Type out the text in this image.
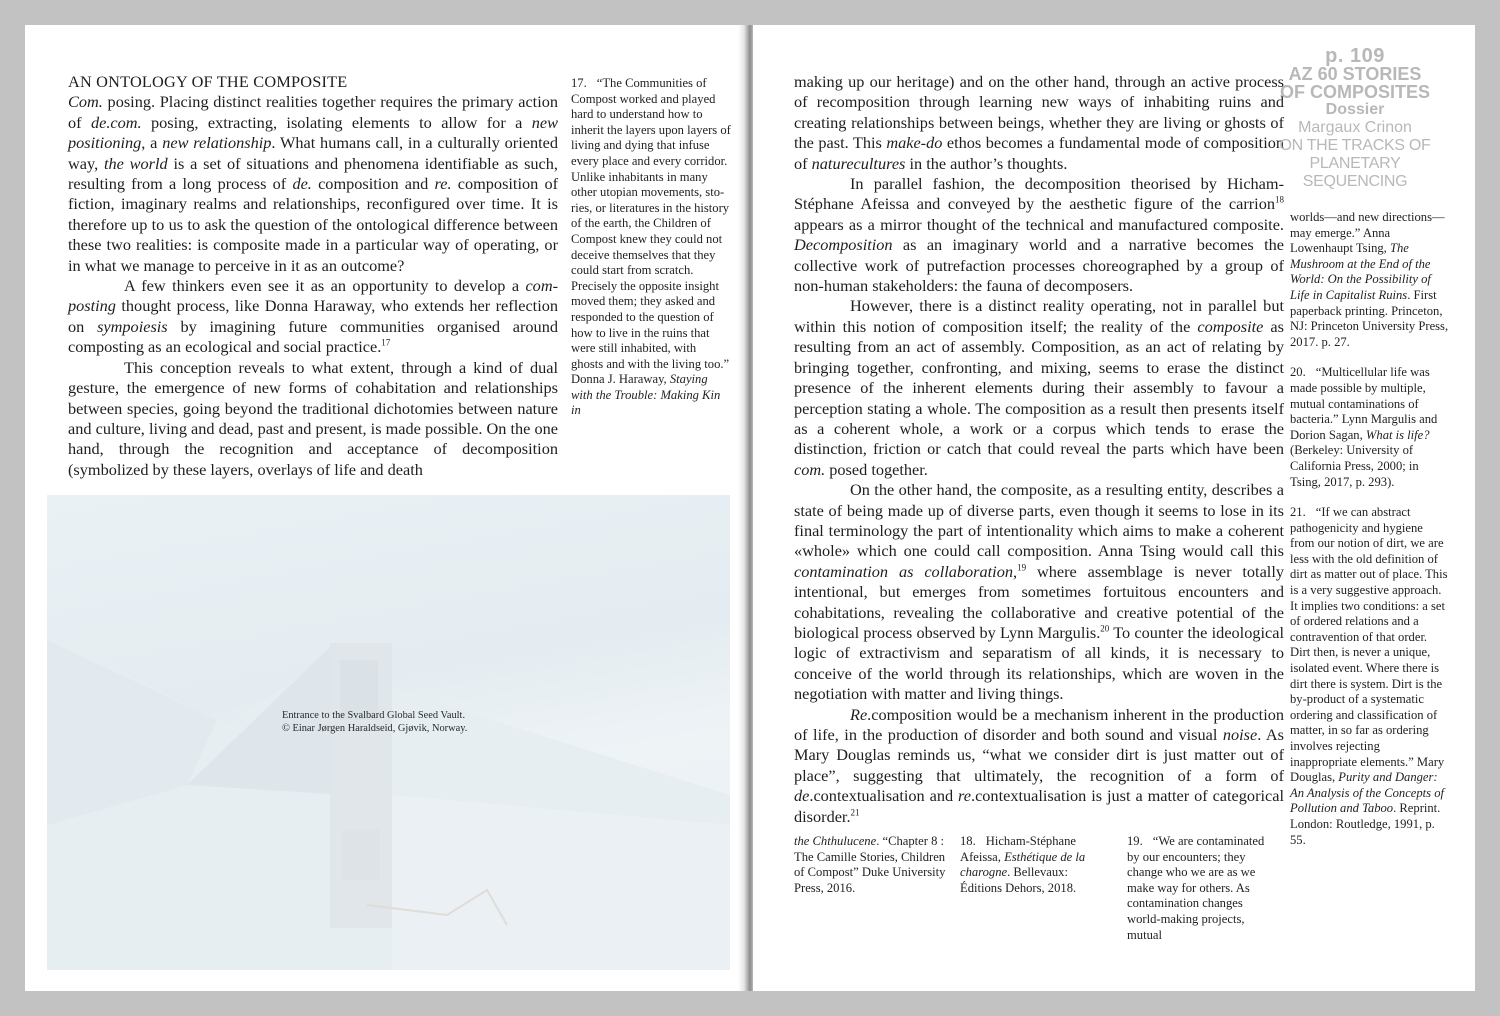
AN ONTOLOGY OF THE COMPOSITE

Com. posing. Placing distinct realities together requires the primary action of de.com. posing, extracting, isolating elements to allow for a new positioning, a new relationship. What humans call, in a culturally oriented way, the world is a set of situations and phenomena identifiable as such, resulting from a long process of de. composition and re. composition of fiction, imaginary realms and relationships, reconfigured over time. It is therefore up to us to ask the question of the ontological difference between these two realities: is composite made in a particular way of operating, or in what we manage to perceive in it as an outcome?

A few thinkers even see it as an opportunity to develop a composting thought process, like Donna Haraway, who extends her reflection on sympoiesis by imagining future communities organised around composting as an ecological and social practice.$^{17}$

This conception reveals to what extent, through a kind of dual gesture, the emergence of new forms of cohabitation and relationships between species, going beyond the traditional dichotomies between nature and culture, living and dead, past and present, is made possible. On the one hand, through the recognition and acceptance of decomposition (symbolized by these layers, overlays of life and death

17. “The Communities of Compost worked and played hard to understand how to inherit the layers upon layers of living and dying that infuse every place and every corridor. Unlike inhabitants in many other utopian movements, stories, or literatures in the history of the earth, the Children of Compost knew they could not deceive themselves that they could start from scratch. Precisely the opposite insight moved them; they asked and responded to the question of how to live in the ruins that were still inhabited, with ghosts and with the living too.” Donna J. Haraway, Staying with the Trouble: Making Kin in

Entrance to the Svalbard Global Seed Vault.
© Einar Jørgen Haraldseid, Gjøvik, Norway.

making up our heritage) and on the other hand, through an active process of recomposition through learning new ways of inhabiting ruins and creating relationships between beings, whether they are living or ghosts of the past. This make-do ethos becomes a fundamental mode of composition of naturecultures in the author’s thoughts.

In parallel fashion, the decomposition theorised by Hicham-Stéphane Afeissa and conveyed by the aesthetic figure of the carrion$^{18}$ appears as a mirror thought of the technical and manufactured composite. Decomposition as an imaginary world and a narrative becomes the collective work of putrefaction processes choreographed by a group of non-human stakeholders: the fauna of decomposers.

However, there is a distinct reality operating, not in parallel but within this notion of composition itself; the reality of the composite as resulting from an act of assembly. Composition, as an act of relating by bringing together, confronting, and mixing, seems to erase the distinct presence of the inherent elements during their assembly to favour a perception stating a whole. The composition as a result then presents itself as a coherent whole, a work or a corpus which tends to erase the distinction, friction or catch that could reveal the parts which have been com. posed together.

On the other hand, the composite, as a resulting entity, describes a state of being made up of diverse parts, even though it seems to lose in its final terminology the part of intentionality which aims to make a coherent «whole» which one could call composition. Anna Tsing would call this contamination as collaboration,$^{19}$ where assemblage is never totally intentional, but emerges from sometimes fortuitous encounters and cohabitations, revealing the collaborative and creative potential of the biological process observed by Lynn Margulis.$^{20}$ To counter the ideological logic of extractivism and separatism of all kinds, it is necessary to conceive of the world through its relationships, which are woven in the negotiation with matter and living things.

Re.composition would be a mechanism inherent in the production of life, in the production of disorder and both sound and visual noise. As Mary Douglas reminds us, “what we consider dirt is just matter out of place”, suggesting that ultimately, the recognition of a form of de.contextualisation and re.contextualisation is just a matter of categorical disorder.$^{21}$

p. 109
AZ 60 STORIES
OF COMPOSITES
Dossier
Margaux Crinon
ON THE TRACKS OF
PLANETARY
SEQUENCING

worlds—and new directions—may emerge.” Anna Lowenhaupt Tsing, The Mushroom at the End of the World: On the Possibility of Life in Capitalist Ruins. First paperback printing. Princeton, NJ: Princeton University Press, 2017. p. 27.

20. “Multicellular life was made possible by multiple, mutual contaminations of bacteria.” Lynn Margulis and Dorion Sagan, What is life? (Berkeley: University of California Press, 2000; in Tsing, 2017, p. 293).

21. “If we can abstract pathogenicity and hygiene from our notion of dirt, we are less with the old definition of dirt as matter out of place. This is a very suggestive approach. It implies two conditions: a set of ordered relations and a contravention of that order. Dirt then, is never a unique, isolated event. Where there is dirt there is system. Dirt is the by-product of a systematic ordering and classification of matter, in so far as ordering involves rejecting inappropriate elements.” Mary Douglas, Purity and Danger: An Analysis of the Concepts of Pollution and Taboo. Reprint. London: Routledge, 1991, p. 55.

the Chthulucene. “Chapter 8 : The Camille Stories, Children of Compost” Duke University Press, 2016.

18. Hicham-Stéphane Afeissa, Esthétique de la charogne. Bellevaux: Éditions Dehors, 2018.

19. “We are contaminated by our encounters; they change who we are as we make way for others. As contamination changes world-making projects, mutual
